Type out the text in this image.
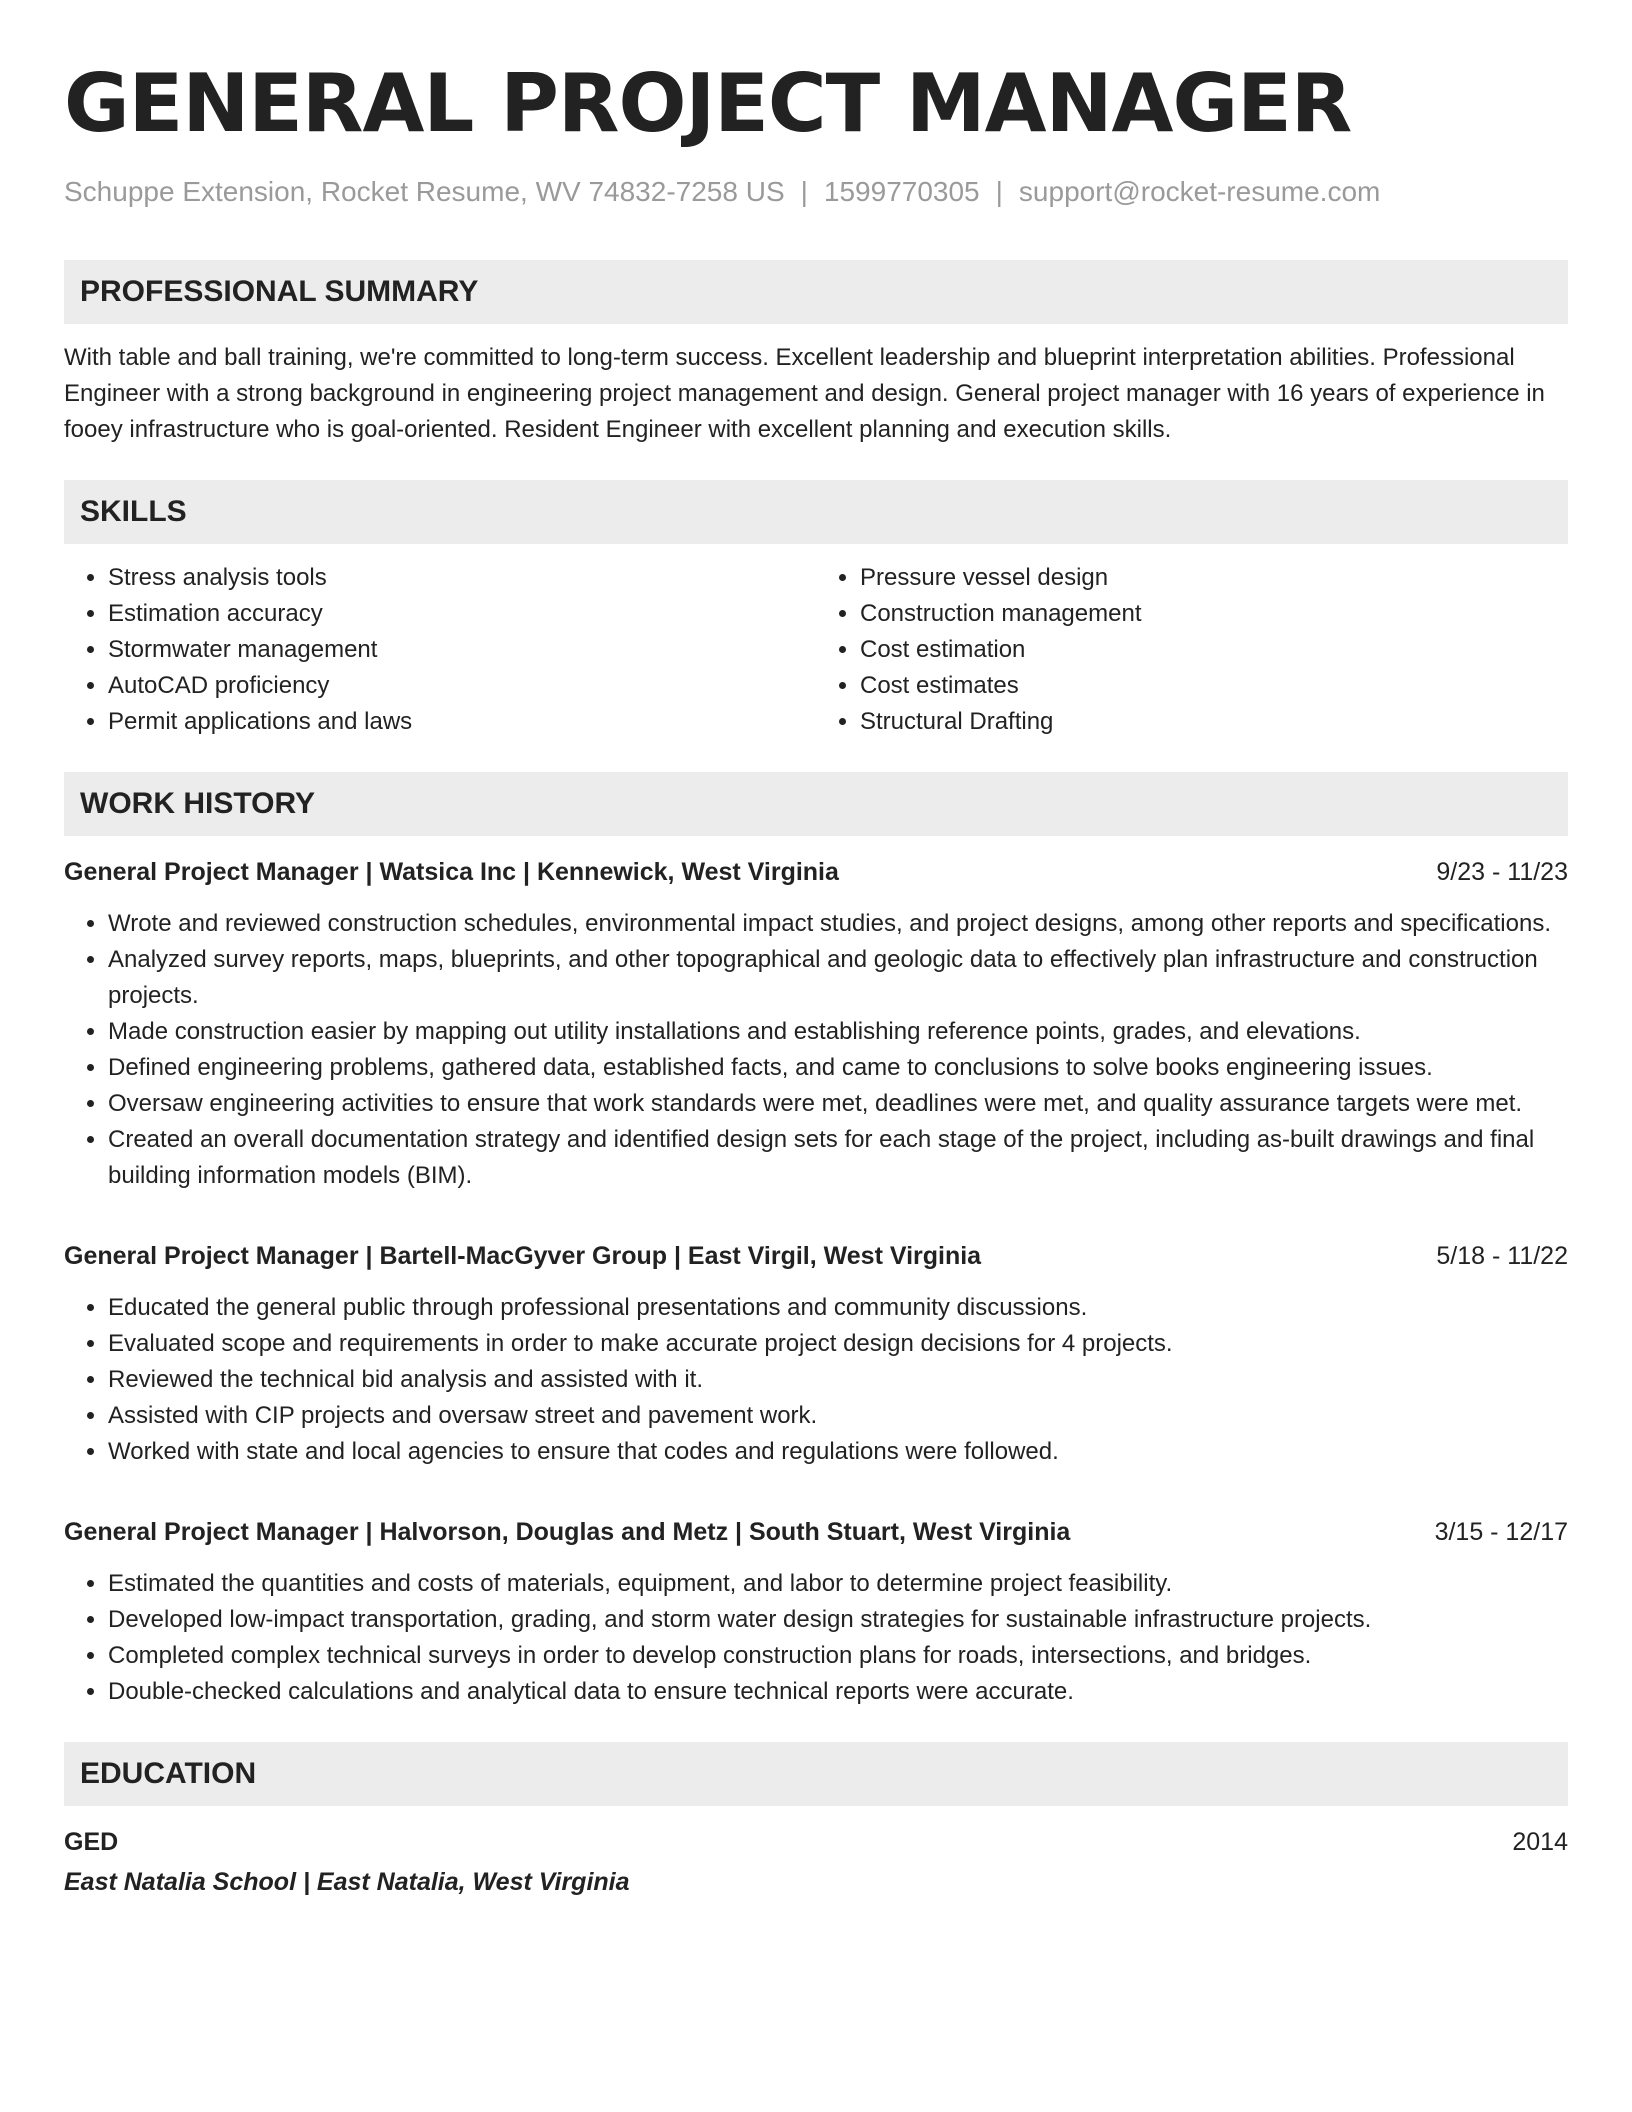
GENERAL PROJECT MANAGER
Schuppe Extension, Rocket Resume, WV 74832-7258 US | 1599770305 | support@rocket-resume.com
PROFESSIONAL SUMMARY
With table and ball training, we're committed to long-term success. Excellent leadership and blueprint interpretation abilities. Professional Engineer with a strong background in engineering project management and design. General project manager with 16 years of experience in fooey infrastructure who is goal-oriented. Resident Engineer with excellent planning and execution skills.
SKILLS
• Stress analysis tools
• Estimation accuracy
• Stormwater management
• AutoCAD proficiency
• Permit applications and laws
• Pressure vessel design
• Construction management
• Cost estimation
• Cost estimates
• Structural Drafting
WORK HISTORY
General Project Manager | Watsica Inc | Kennewick, West Virginia	9/23 - 11/23
• Wrote and reviewed construction schedules, environmental impact studies, and project designs, among other reports and specifications.
• Analyzed survey reports, maps, blueprints, and other topographical and geologic data to effectively plan infrastructure and construction projects.
• Made construction easier by mapping out utility installations and establishing reference points, grades, and elevations.
• Defined engineering problems, gathered data, established facts, and came to conclusions to solve books engineering issues.
• Oversaw engineering activities to ensure that work standards were met, deadlines were met, and quality assurance targets were met.
• Created an overall documentation strategy and identified design sets for each stage of the project, including as-built drawings and final building information models (BIM).
General Project Manager | Bartell-MacGyver Group | East Virgil, West Virginia	5/18 - 11/22
• Educated the general public through professional presentations and community discussions.
• Evaluated scope and requirements in order to make accurate project design decisions for 4 projects.
• Reviewed the technical bid analysis and assisted with it.
• Assisted with CIP projects and oversaw street and pavement work.
• Worked with state and local agencies to ensure that codes and regulations were followed.
General Project Manager | Halvorson, Douglas and Metz | South Stuart, West Virginia	3/15 - 12/17
• Estimated the quantities and costs of materials, equipment, and labor to determine project feasibility.
• Developed low-impact transportation, grading, and storm water design strategies for sustainable infrastructure projects.
• Completed complex technical surveys in order to develop construction plans for roads, intersections, and bridges.
• Double-checked calculations and analytical data to ensure technical reports were accurate.
EDUCATION
GED	2014
East Natalia School | East Natalia, West Virginia
